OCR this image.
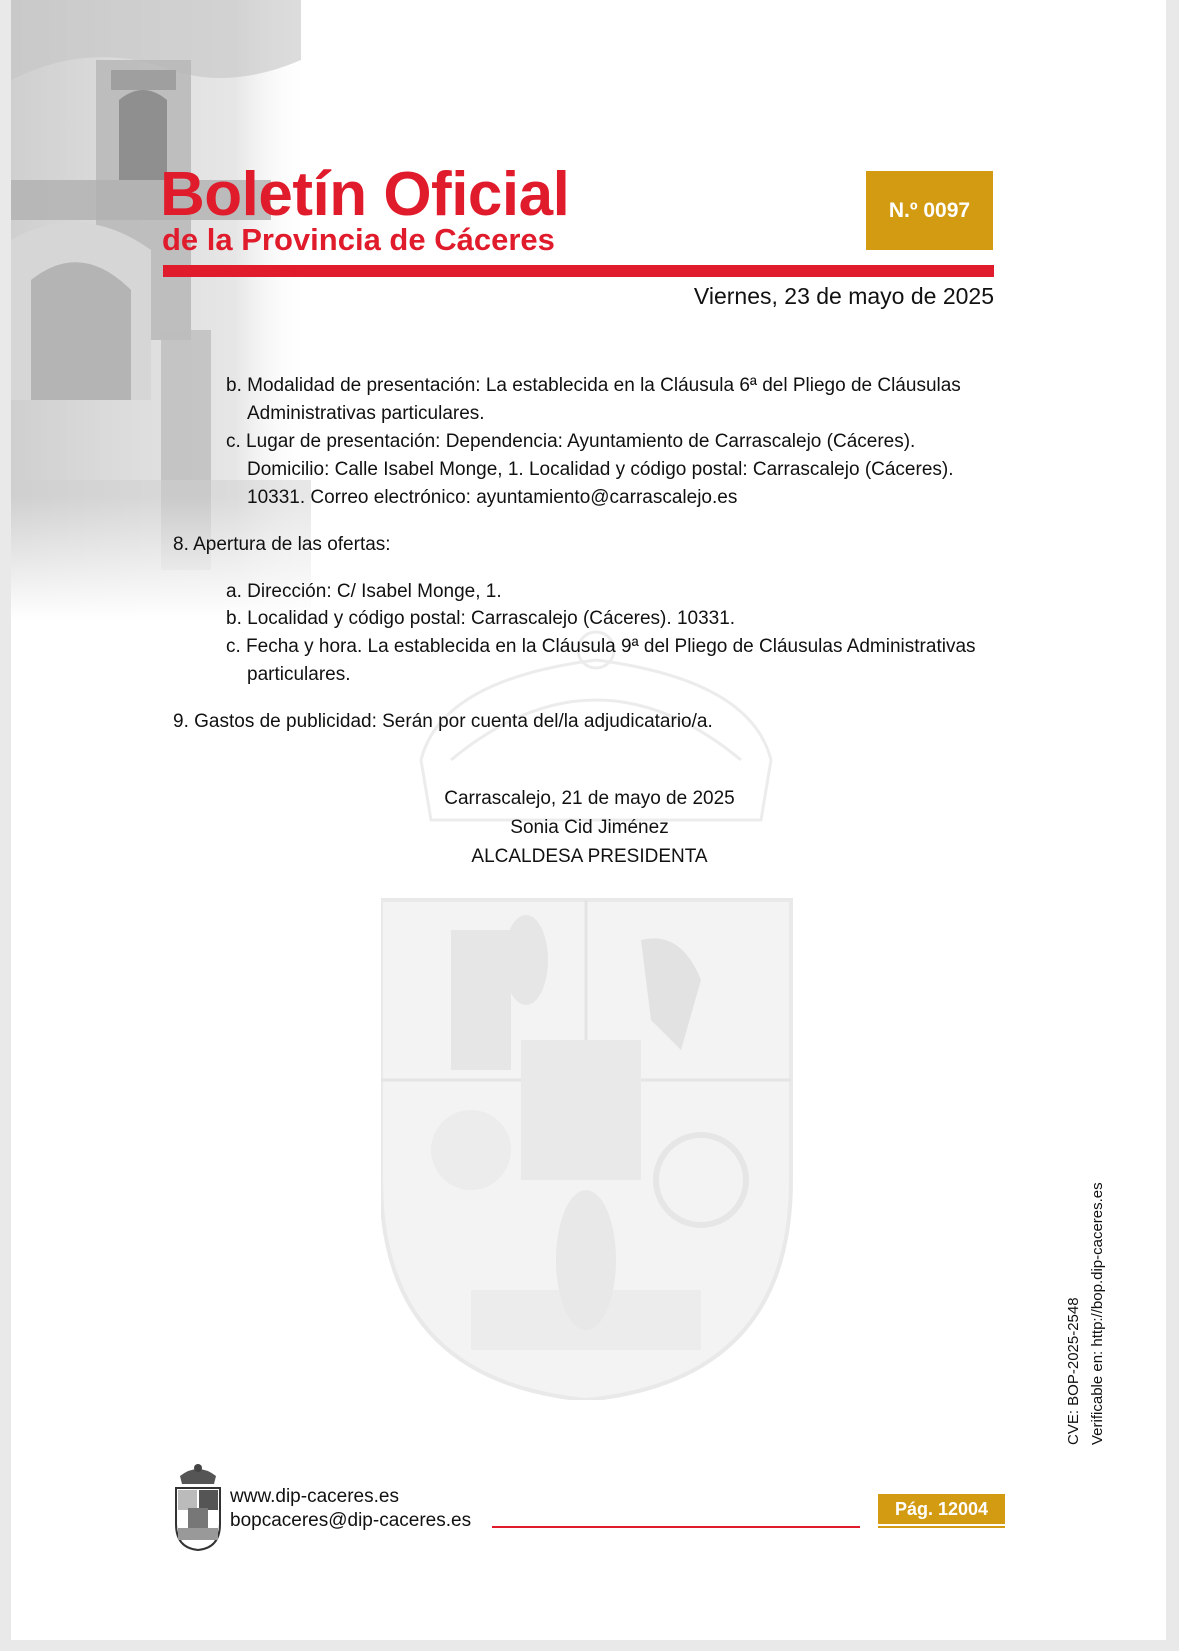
Boletín Oficial
de la Provincia de Cáceres
N.º 0097
Viernes, 23 de mayo de 2025
b. Modalidad de presentación: La establecida en la Cláusula 6ª del Pliego de Cláusulas
Administrativas particulares.
c. Lugar de presentación: Dependencia: Ayuntamiento de Carrascalejo (Cáceres).
Domicilio: Calle Isabel Monge, 1. Localidad y código postal: Carrascalejo (Cáceres).
10331. Correo electrónico: ayuntamiento@carrascalejo.es
8. Apertura de las ofertas:
a. Dirección: C/ Isabel Monge, 1.
b. Localidad y código postal: Carrascalejo (Cáceres). 10331.
c. Fecha y hora. La establecida en la Cláusula 9ª del Pliego de Cláusulas Administrativas
particulares.
9. Gastos de publicidad: Serán por cuenta del/la adjudicatario/a.
Carrascalejo, 21 de mayo de 2025
Sonia Cid Jiménez
ALCALDESA PRESIDENTA
CVE: BOP-2025-2548 Verificable en: http://bop.dip-caceres.es
www.dip-caceres.es
bopcaceres@dip-caceres.es
Pág. 12004
